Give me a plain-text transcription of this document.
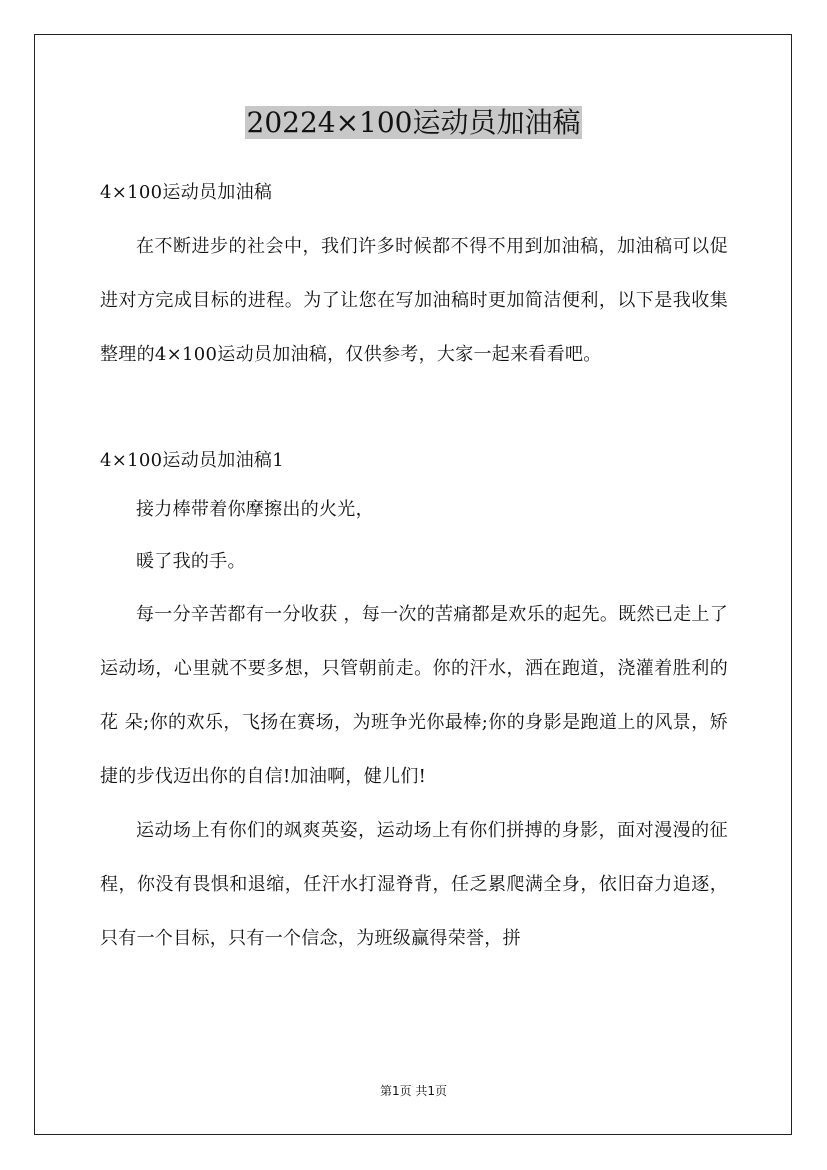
20224×100运动员加油稿

4×100运动员加油稿

在不断进步的社会中，我们许多时候都不得不用到加油稿，加油稿可以促进对方完成目标的进程。为了让您在写加油稿时更加简洁便利，以下是我收集整理的4×100运动员加油稿，仅供参考，大家一起来看看吧。

4×100运动员加油稿1

接力棒带着你摩擦出的火光，

暖了我的手。

每一分辛苦都有一分收获 ，每一次的苦痛都是欢乐的起先。既然已走上了运动场，心里就不要多想，只管朝前走。你的汗水，洒在跑道，浇灌着胜利的花 朵;你的欢乐，飞扬在赛场，为班争光你最棒;你的身影是跑道上的风景，矫捷的步伐迈出你的自信!加油啊，健儿们!

运动场上有你们的飒爽英姿，运动场上有你们拼搏的身影，面对漫漫的征程，你没有畏惧和退缩，任汗水打湿脊背，任乏累爬满全身，依旧奋力追逐，只有一个目标，只有一个信念，为班级赢得荣誉，拼

第1页 共1页
